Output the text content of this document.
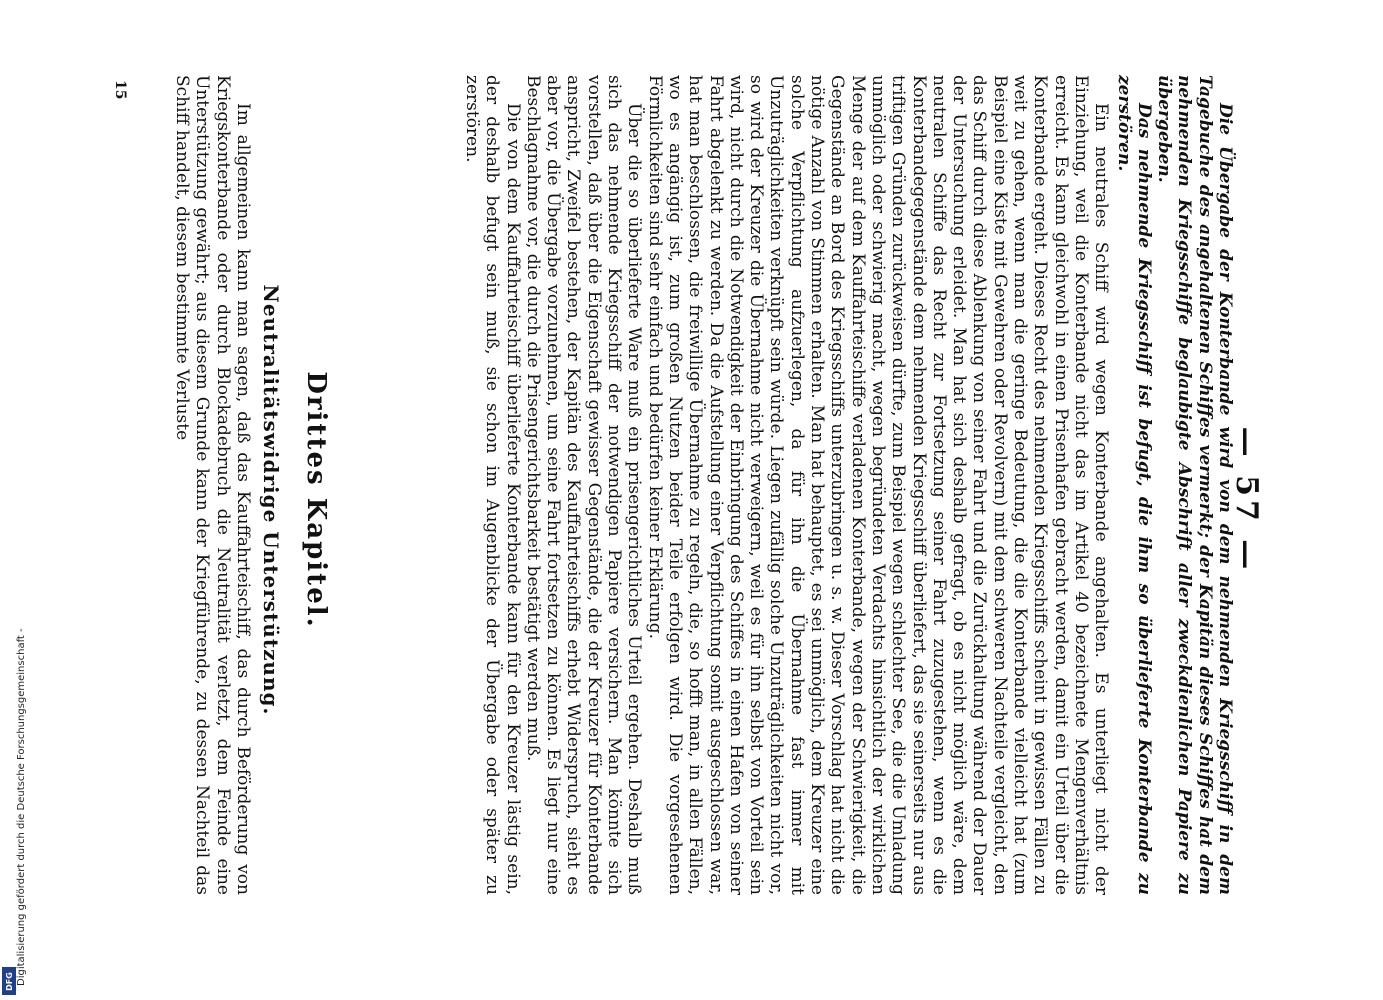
— 57 —

Die Übergabe der Konterbande wird von dem nehmenden Kriegsschiff in dem Tagebuche des angehaltenen Schiffes vermerkt; der Kapitän dieses Schiffes hat dem nehmenden Kriegsschiffe beglaubigte Abschrift aller zweckdienlichen Papiere zu übergeben.

Das nehmende Kriegsschiff ist befugt, die ihm so überlieferte Konterbande zu zerstören.

Ein neutrales Schiff wird wegen Konterbande angehalten. Es unterliegt nicht der Einziehung, weil die Konterbande nicht das im Artikel 40 bezeichnete Mengenverhältnis erreicht. Es kann gleichwohl in einen Prisenhafen gebracht werden, damit ein Urteil über die Konterbande ergeht. Dieses Recht des nehmenden Kriegsschiffs scheint in gewissen Fällen zu weit zu gehen, wenn man die geringe Bedeutung, die die Konterbande vielleicht hat (zum Beispiel eine Kiste mit Gewehren oder Revolvern) mit dem schweren Nachteile vergleicht, den das Schiff durch diese Ablenkung von seiner Fahrt und die Zurückhaltung während der Dauer der Untersuchung erleidet. Man hat sich deshalb gefragt, ob es nicht möglich wäre, dem neutralen Schiffe das Recht zur Fortsetzung seiner Fahrt zuzugestehen, wenn es die Konterbandegegenstände dem nehmenden Kriegsschiff überliefert, das sie seinerseits nur aus triftigen Gründen zurückweisen dürfte, zum Beispiel wegen schlechter See, die die Umladung unmöglich oder schwierig macht, wegen begründeten Verdachts hinsichtlich der wirklichen Menge der auf dem Kauffahrteischiffe verladenen Konterbande, wegen der Schwierigkeit, die Gegenstände an Bord des Kriegsschiffs unterzubringen u. s. w. Dieser Vorschlag hat nicht die nötige Anzahl von Stimmen erhalten. Man hat behauptet, es sei unmöglich, dem Kreuzer eine solche Verpflichtung aufzuerlegen, da für ihn die Übernahme fast immer mit Unzuträglichkeiten verknüpft sein würde. Liegen zufällig solche Unzuträglichkeiten nicht vor, so wird der Kreuzer die Übernahme nicht verweigern, weil es für ihn selbst von Vorteil sein wird, nicht durch die Notwendigkeit der Einbringung des Schiffes in einen Hafen von seiner Fahrt abgelenkt zu werden. Da die Aufstellung einer Verpflichtung somit ausgeschlossen war, hat man beschlossen, die freiwillige Übernahme zu regeln, die, so hofft man, in allen Fällen, wo es angängig ist, zum großen Nutzen beider Teile erfolgen wird. Die vorgesehenen Förmlichkeiten sind sehr einfach und bedürfen keiner Erklärung.

Über die so überlieferte Ware muß ein prisengerichtliches Urteil ergehen. Deshalb muß sich das nehmende Kriegsschiff der notwendigen Papiere versichern. Man könnte sich vorstellen, daß über die Eigenschaft gewisser Gegenstände, die der Kreuzer für Konterbande anspricht, Zweifel bestehen, der Kapitän des Kauffahrteischiffs erhebt Widerspruch, sieht es aber vor, die Übergabe vorzunehmen, um seine Fahrt fortsetzen zu können. Es liegt nur eine Beschlagnahme vor, die durch die Prisengerichtsbarkeit bestätigt werden muß.

Die von dem Kauffahrteischiff überlieferte Konterbande kann für den Kreuzer lästig sein, der deshalb befugt sein muß, sie schon im Augenblicke der Übergabe oder später zu zerstören.

Drittes Kapitel.
Neutralitätswidrige Unterstützung.

Im allgemeinen kann man sagen, daß das Kauffahrteischiff, das durch Beförderung von Kriegskonterbande oder durch Blockadebruch die Neutralität verletzt, dem Feinde eine Unterstützung gewährt; aus diesem Grunde kann der Kriegführende, zu dessen Nachteil das Schiff handelt, diesem bestimmte Verluste

15
Digitalisierung gefördert durch die Deutsche Forschungsgemeinschaft -
DFG
